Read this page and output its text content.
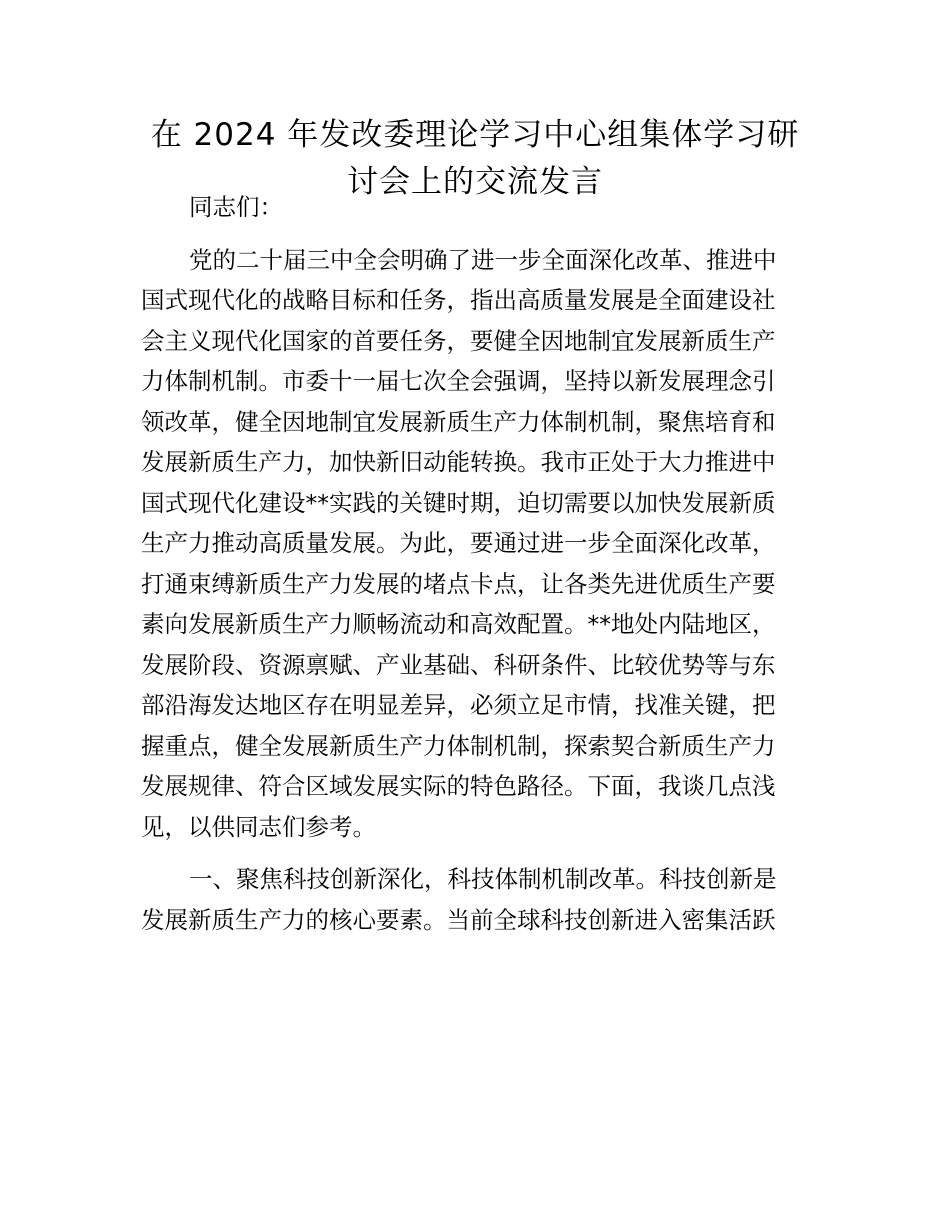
在 2024 年发改委理论学习中心组集体学习研
讨会上的交流发言
同志们：
党的二十届三中全会明确了进一步全面深化改革、推进中
国式现代化的战略目标和任务，指出高质量发展是全面建设社
会主义现代化国家的首要任务，要健全因地制宜发展新质生产
力体制机制。市委十一届七次全会强调，坚持以新发展理念引
领改革，健全因地制宜发展新质生产力体制机制，聚焦培育和
发展新质生产力，加快新旧动能转换。我市正处于大力推进中
国式现代化建设**实践的关键时期，迫切需要以加快发展新质
生产力推动高质量发展。为此，要通过进一步全面深化改革，
打通束缚新质生产力发展的堵点卡点，让各类先进优质生产要
素向发展新质生产力顺畅流动和高效配置。**地处内陆地区，
发展阶段、资源禀赋、产业基础、科研条件、比较优势等与东
部沿海发达地区存在明显差异，必须立足市情，找准关键，把
握重点，健全发展新质生产力体制机制，探索契合新质生产力
发展规律、符合区域发展实际的特色路径。下面，我谈几点浅
见，以供同志们参考。
一、聚焦科技创新深化，科技体制机制改革。科技创新是
发展新质生产力的核心要素。当前全球科技创新进入密集活跃
